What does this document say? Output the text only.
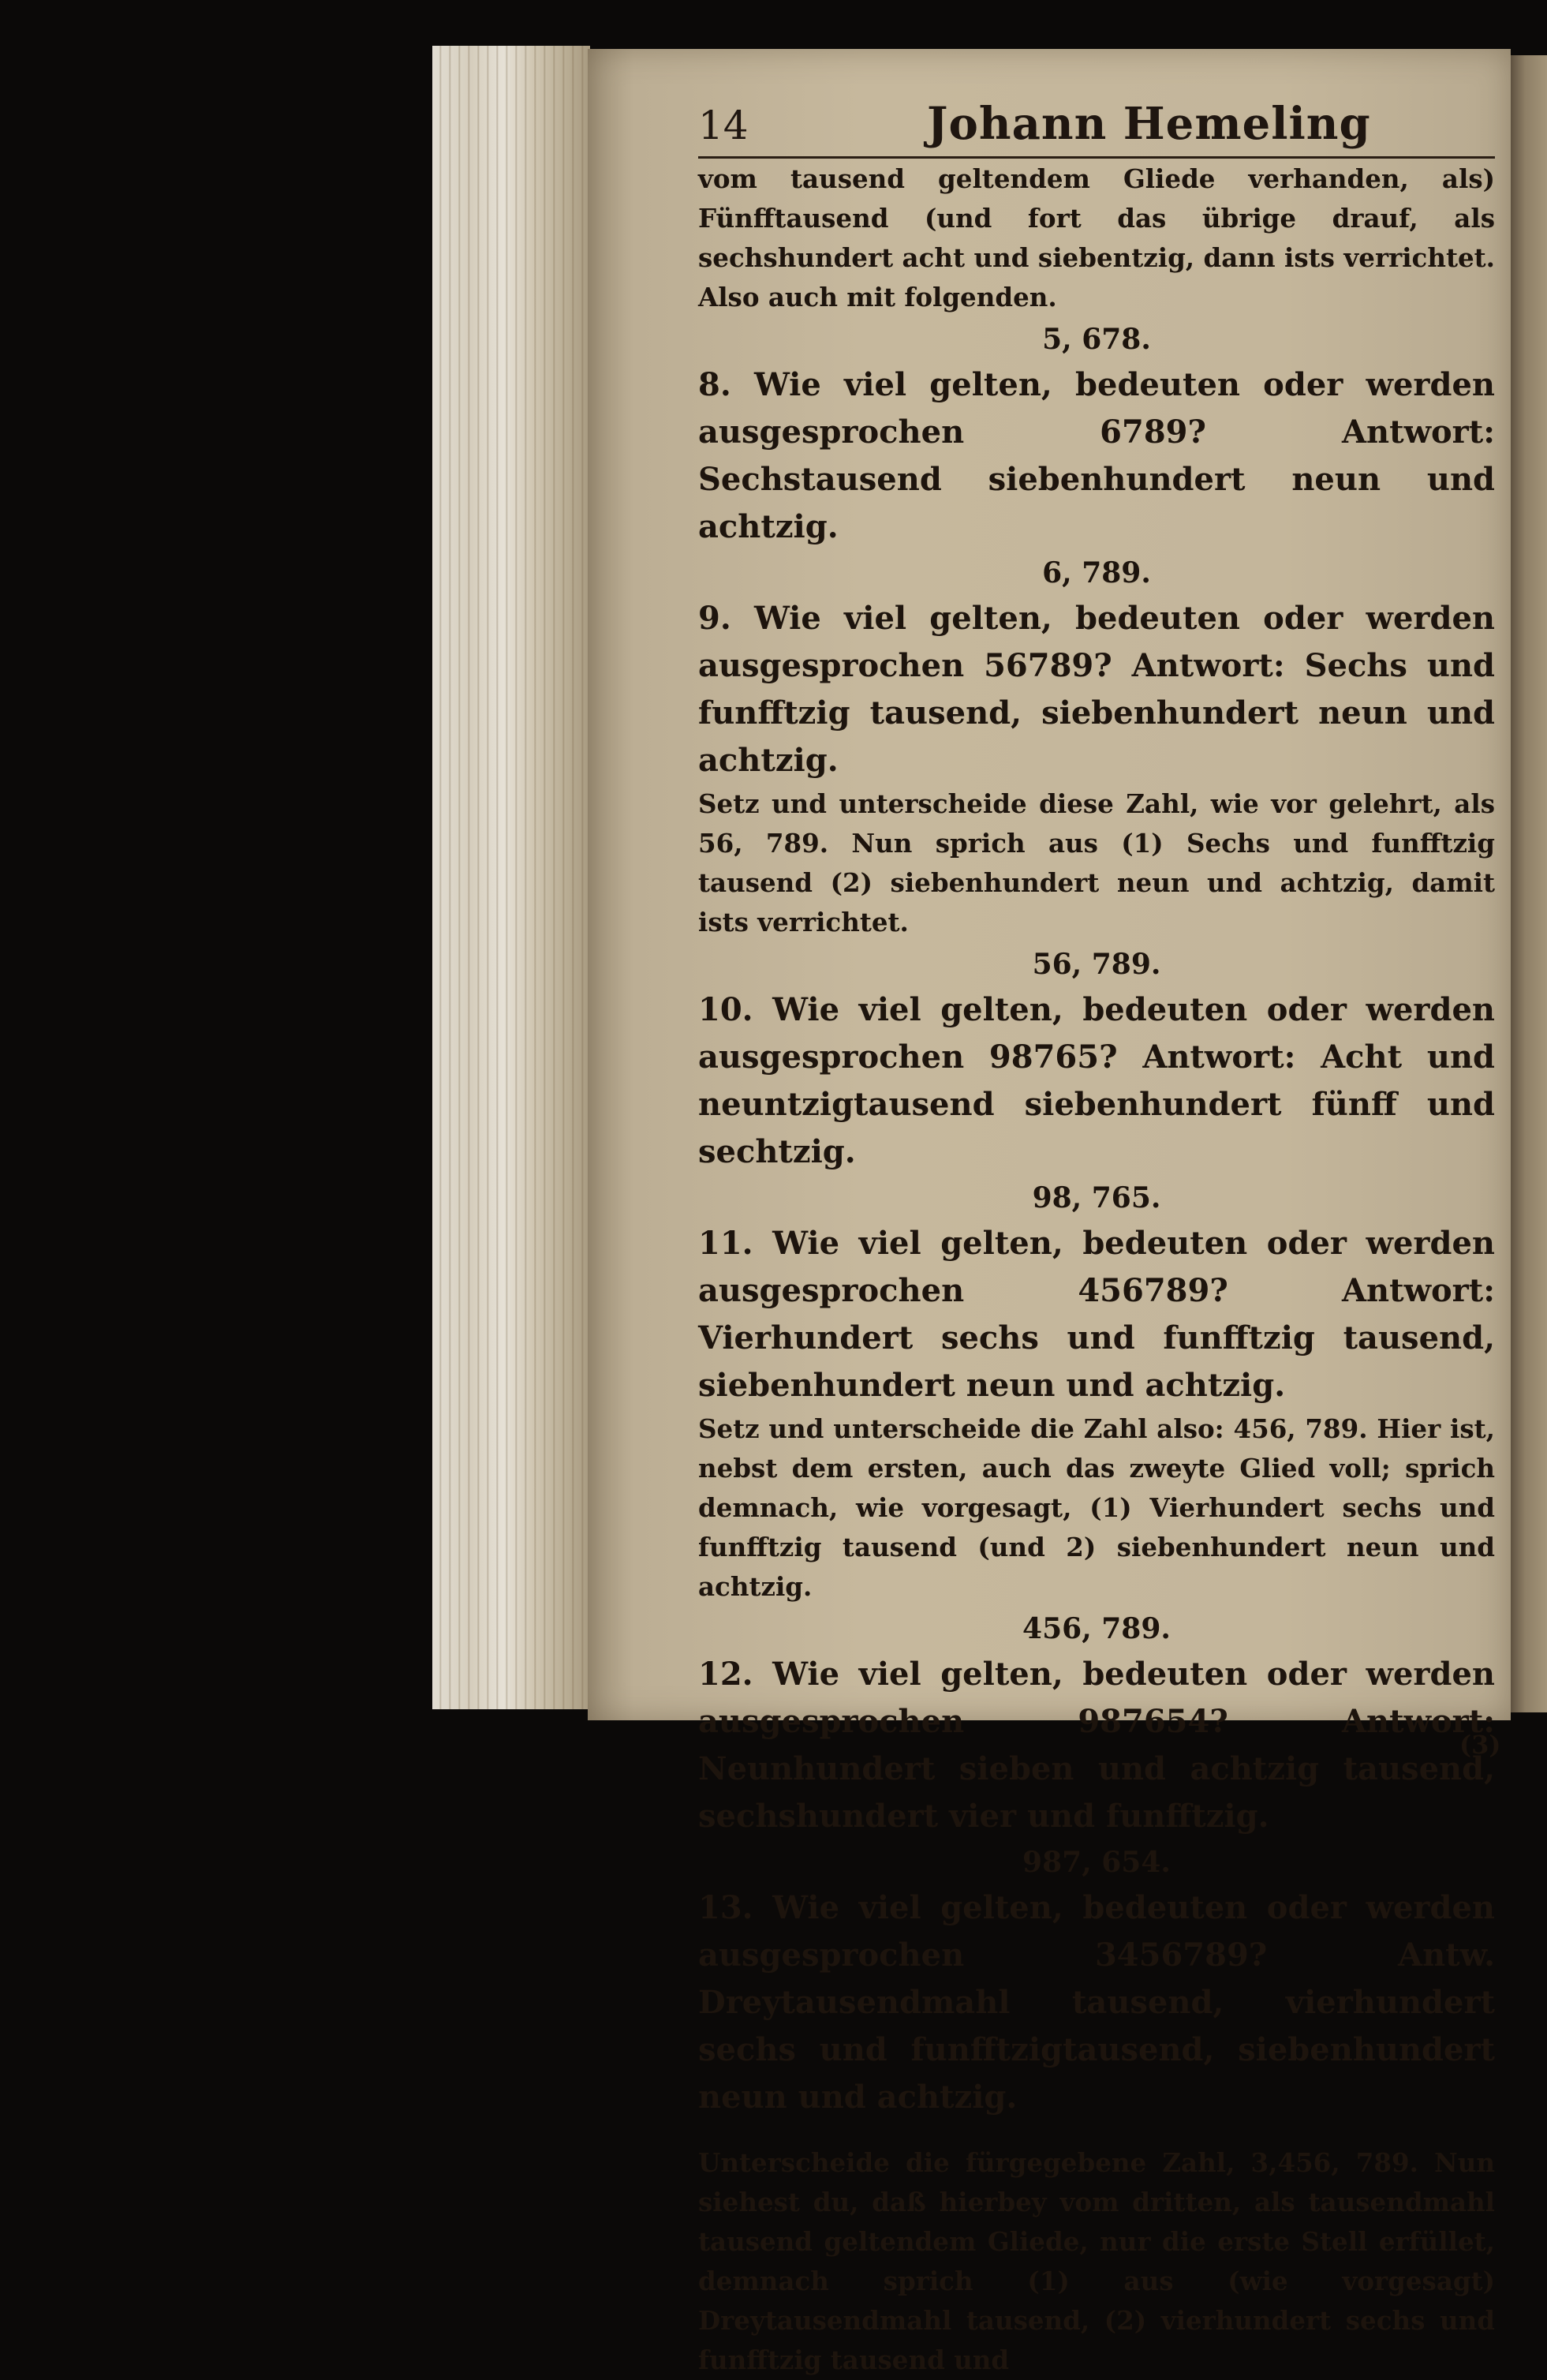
14	Johann Hemeling

vom tausend geltendem Gliede verhanden, als) Fünfftausend (und fort das übrige drauf, als sechshundert acht und siebentzig, dann ists verrichtet. Also auch mit folgenden.

5, 678.

8. Wie viel gelten, bedeuten oder werden ausgesprochen 6789? Antwort: Sechstausend siebenhundert neun und achtzig.

6, 789.

9. Wie viel gelten, bedeuten oder werden ausgesprochen 56789? Antwort: Sechs und funfftzig tausend, siebenhundert neun und achtzig.

Setz und unterscheide diese Zahl, wie vor gelehrt, als 56, 789. Nun sprich aus (1) Sechs und funfftzig tausend (2) siebenhundert neun und achtzig, damit ists verrichtet.

56, 789.

10. Wie viel gelten, bedeuten oder werden ausgesprochen 98765? Antwort: Acht und neuntzigtausend siebenhundert fünff und sechtzig.

98, 765.

11. Wie viel gelten, bedeuten oder werden ausgesprochen 456789? Antwort: Vierhundert sechs und funfftzig tausend, siebenhundert neun und achtzig.

Setz und unterscheide die Zahl also: 456, 789. Hier ist, nebst dem ersten, auch das zweyte Glied voll; sprich demnach, wie vorgesagt, (1) Vierhundert sechs und funfftzig tausend (und 2) siebenhundert neun und achtzig.

456, 789.

12. Wie viel gelten, bedeuten oder werden ausgesprochen 987654? Antwort: Neunhundert sieben und achtzig tausend, sechshundert vier und funfftzig.

987, 654.

13. Wie viel gelten, bedeuten oder werden ausgesprochen 3456789? Antw. Dreytausendmahl tausend, vierhundert sechs und funfftzigtausend, siebenhundert neun und achtzig.

Unterscheide die fürgegebene Zahl, 3,456, 789. Nun siehest du, daß hierbey vom dritten, als tausendmahl tausend geltendem Gliede, nur die erste Stell erfüllet, demnach sprich (1) aus (wie vorgesagt) Dreytausendmahl tausend, (2) vierhundert sechs und funfftzig tausend und

(3)
